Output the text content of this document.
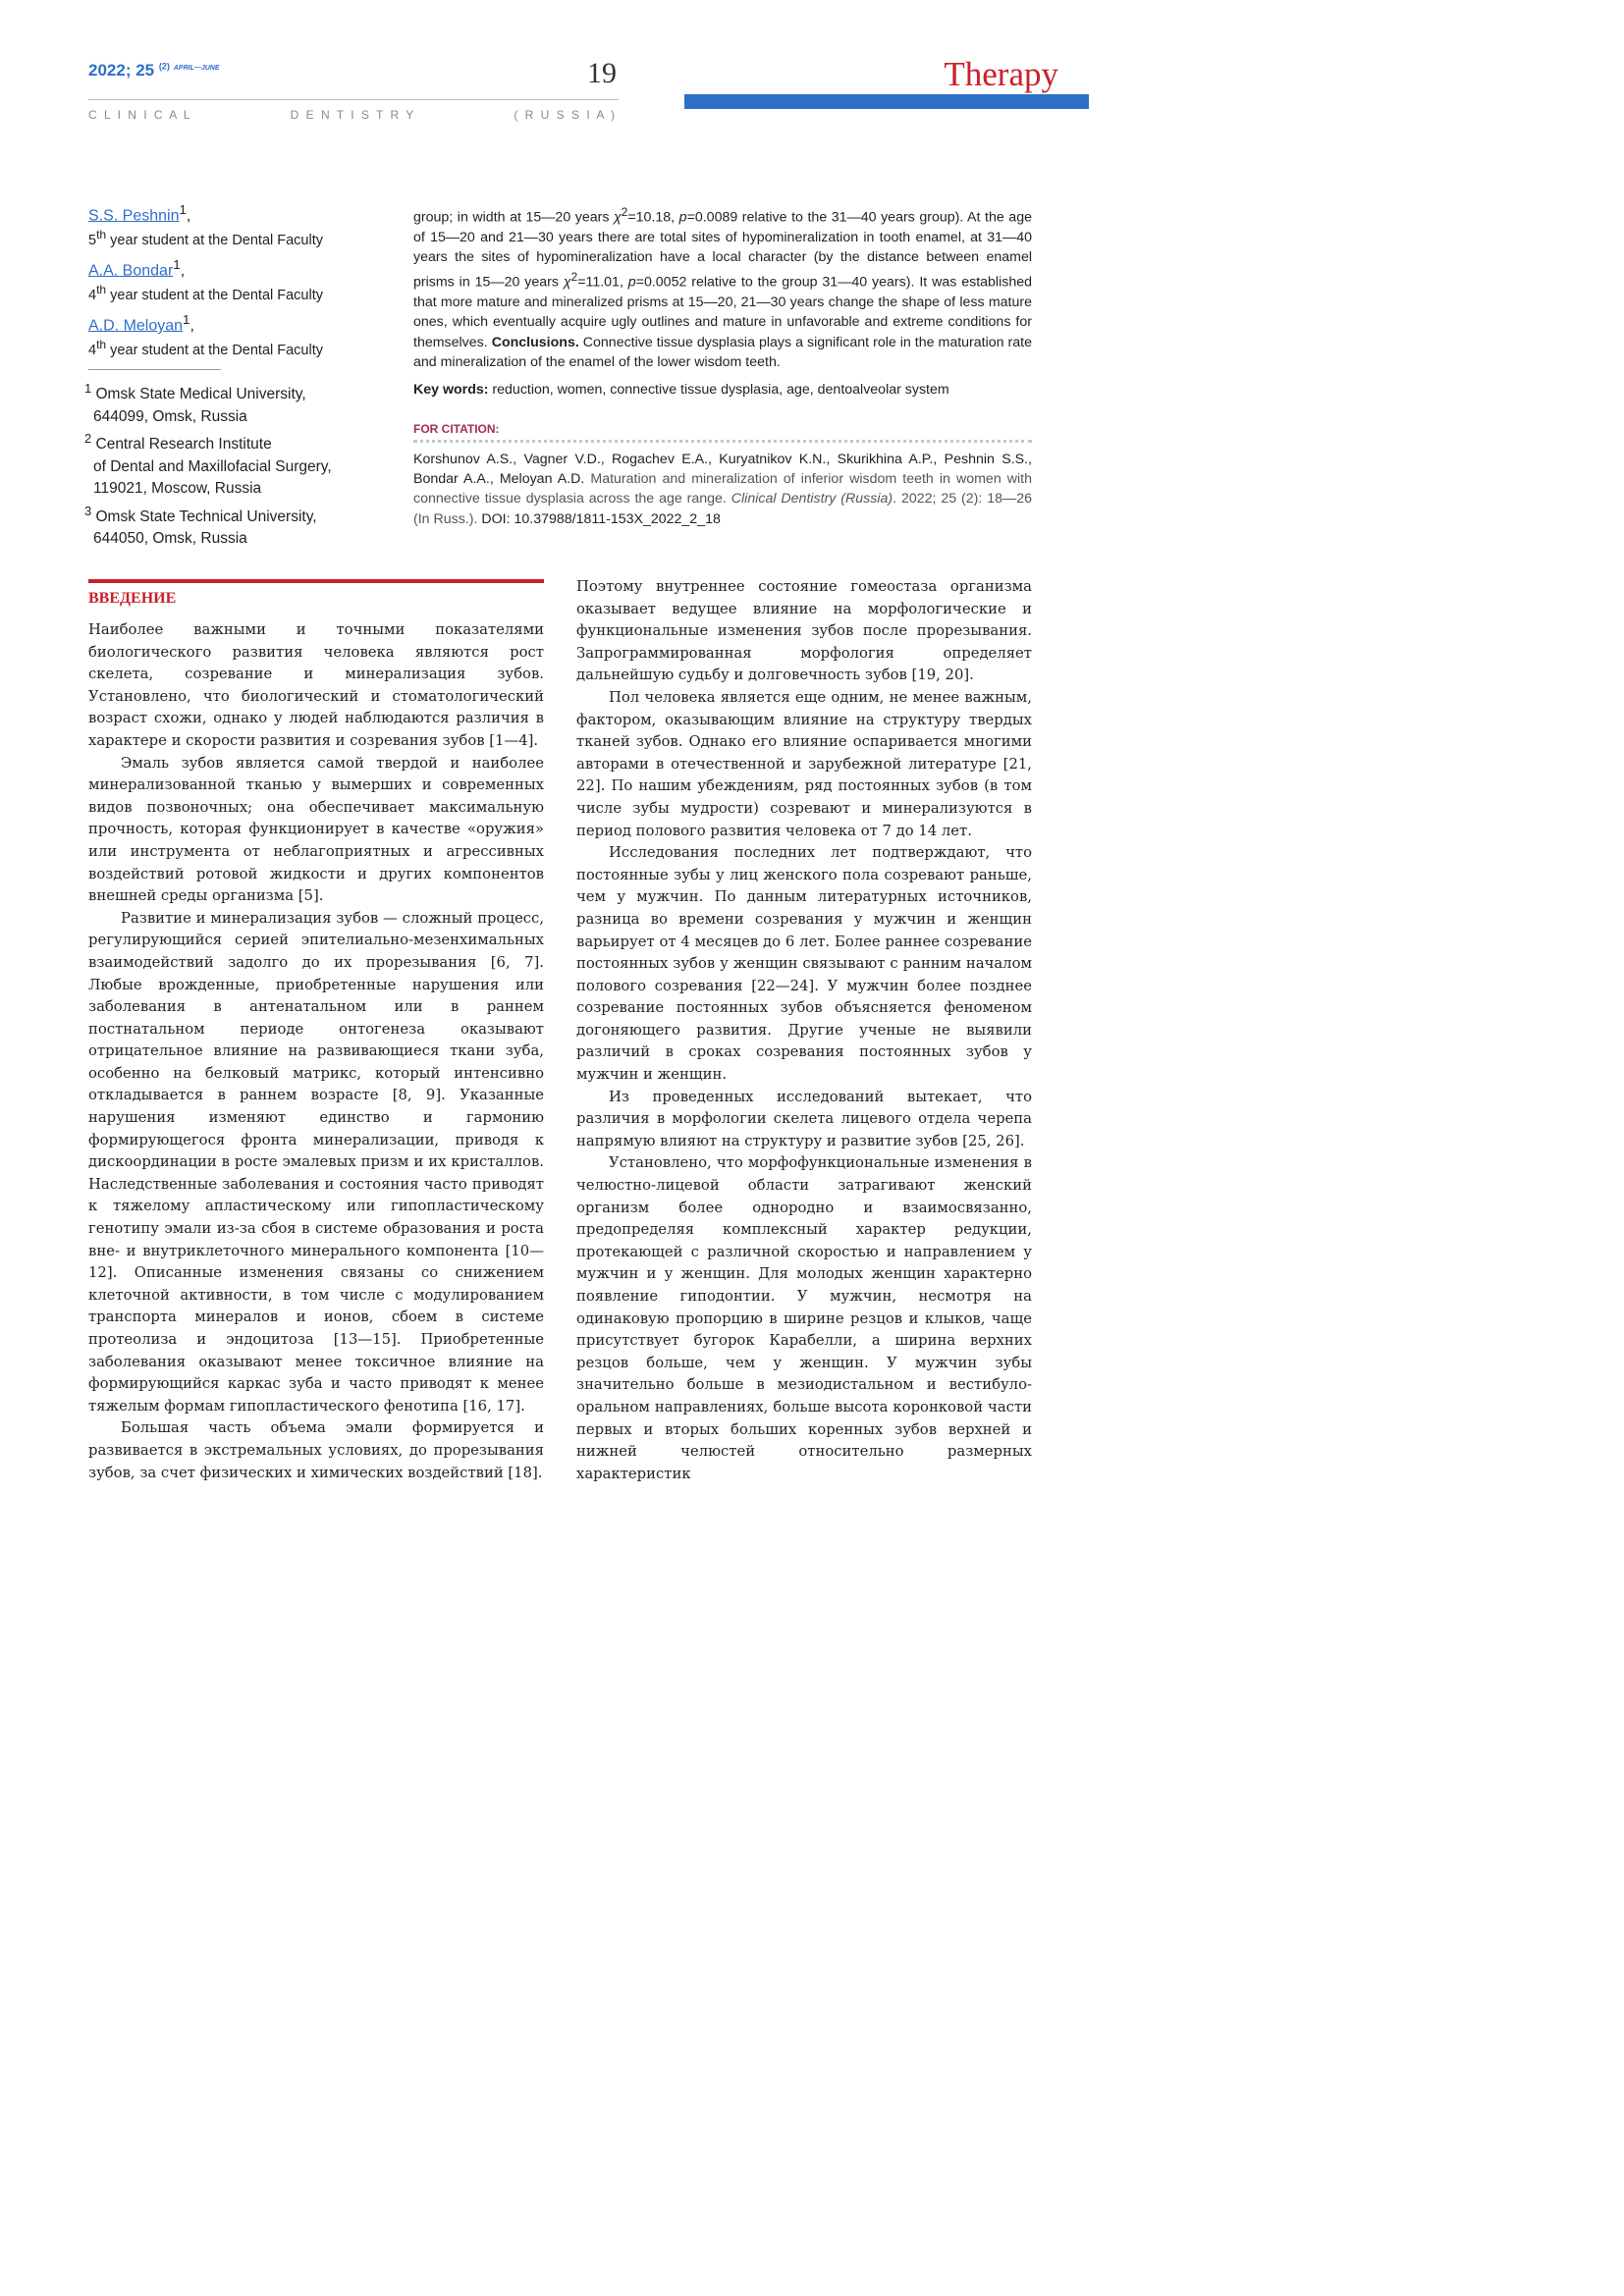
2022; 25 $^{(2)}$ $^{APRIL—JUNE}$	19
C L I N I C A L	D E N T I S T R Y	( R U S S I A )
Therapy
S.S. Peshnin$^1$,
5th year student at the Dental Faculty
A.A. Bondar$^1$,
4th year student at the Dental Faculty
A.D. Meloyan$^1$,
4th year student at the Dental Faculty
$^1$ Omsk State Medical University,
644099, Omsk, Russia
$^2$ Central Research Institute
of Dental and Maxillofacial Surgery,
119021, Moscow, Russia
$^3$ Omsk State Technical University,
644050, Omsk, Russia
group; in width at 15—20 years $\chi^2=10.18$, p=0.0089 relative to the 31—40 years group). At the age of 15—20 and 21—30 years there are total sites of hypomineralization in tooth enamel, at 31—40 years the sites of hypomineralization have a local character (by the distance between enamel prisms in 15—20 years $\chi^2=11.01$, p=0.0052 relative to the group 31—40 years). It was established that more mature and mineralized prisms at 15—20, 21—30 years change the shape of less mature ones, which eventually acquire ugly outlines and mature in unfavorable and extreme conditions for themselves. Conclusions. Connective tissue dysplasia plays a significant role in the maturation rate and mineralization of the enamel of the lower wisdom teeth.
Key words: reduction, women, connective tissue dysplasia, age, dentoalveolar system
FOR CITATION:
Korshunov A.S., Vagner V.D., Rogachev E.A., Kuryatnikov K.N., Skurikhina A.P., Peshnin S.S., Bondar A.A., Meloyan A.D. Maturation and mineralization of inferior wisdom teeth in women with connective tissue dysplasia across the age range. Clinical Dentistry (Russia). 2022; 25 (2): 18—26 (In Russ.). DOI: 10.37988/1811-153X_2022_2_18
ВВЕДЕНИЕ

Наиболее важными и точными показателями биологического развития человека являются рост скелета, созревание и минерализация зубов. Установлено, что биологический и стоматологический возраст схожи, однако у людей наблюдаются различия в характере и скорости развития и созревания зубов [1—4].

Эмаль зубов является самой твердой и наиболее минерализованной тканью у вымерших и современных видов позвоночных; она обеспечивает максимальную прочность, которая функционирует в качестве «оружия» или инструмента от неблагоприятных и агрессивных воздействий ротовой жидкости и других компонентов внешней среды организма [5].

Развитие и минерализация зубов — сложный процесс, регулирующийся серией эпителиально-мезенхимальных взаимодействий задолго до их прорезывания [6, 7]. Любые врожденные, приобретенные нарушения или заболевания в антенатальном или в раннем постнатальном периоде онтогенеза оказывают отрицательное влияние на развивающиеся ткани зуба, особенно на белковый матрикс, который интенсивно откладывается в раннем возрасте [8, 9]. Указанные нарушения изменяют единство и гармонию формирующегося фронта минерализации, приводя к дискоординации в росте эмалевых призм и их кристаллов. Наследственные заболевания и состояния часто приводят к тяжелому апластическому или гипопластическому генотипу эмали из-за сбоя в системе образования и роста вне- и внутриклеточного минерального компонента [10—12]. Описанные изменения связаны со снижением клеточной активности, в том числе с модулированием транспорта минералов и ионов, сбоем в системе протеолиза и эндоцитоза [13—15]. Приобретенные заболевания оказывают менее токсичное влияние на формирующийся каркас зуба и часто приводят к менее тяжелым формам гипопластического фенотипа [16, 17].

Большая часть объема эмали формируется и развивается в экстремальных условиях, до прорезывания зубов, за счет физических и химических воздействий [18].

Поэтому внутреннее состояние гомеостаза организма оказывает ведущее влияние на морфологические и функциональные изменения зубов после прорезывания. Запрограммированная морфология определяет дальнейшую судьбу и долговечность зубов [19, 20].

Пол человека является еще одним, не менее важным, фактором, оказывающим влияние на структуру твердых тканей зубов. Однако его влияние оспаривается многими авторами в отечественной и зарубежной литературе [21, 22]. По нашим убеждениям, ряд постоянных зубов (в том числе зубы мудрости) созревают и минерализуются в период полового развития человека от 7 до 14 лет.

Исследования последних лет подтверждают, что постоянные зубы у лиц женского пола созревают раньше, чем у мужчин. По данным литературных источников, разница во времени созревания у мужчин и женщин варьирует от 4 месяцев до 6 лет. Более раннее созревание постоянных зубов у женщин связывают с ранним началом полового созревания [22—24]. У мужчин более позднее созревание постоянных зубов объясняется феноменом догоняющего развития. Другие ученые не выявили различий в сроках созревания постоянных зубов у мужчин и женщин.

Из проведенных исследований вытекает, что различия в морфологии скелета лицевого отдела черепа напрямую влияют на структуру и развитие зубов [25, 26].

Установлено, что морфофункциональные изменения в челюстно-лицевой области затрагивают женский организм более однородно и взаимосвязанно, предопределяя комплексный характер редукции, протекающей с различной скоростью и направлением у мужчин и у женщин. Для молодых женщин характерно появление гиподонтии. У мужчин, несмотря на одинаковую пропорцию в ширине резцов и клыков, чаще присутствует бугорок Карабелли, а ширина верхних резцов больше, чем у женщин. У мужчин зубы значительно больше в мезиодистальном и вестибуло-оральном направлениях, больше высота коронковой части первых и вторых больших коренных зубов верхней и нижней челюстей относительно размерных характеристик
